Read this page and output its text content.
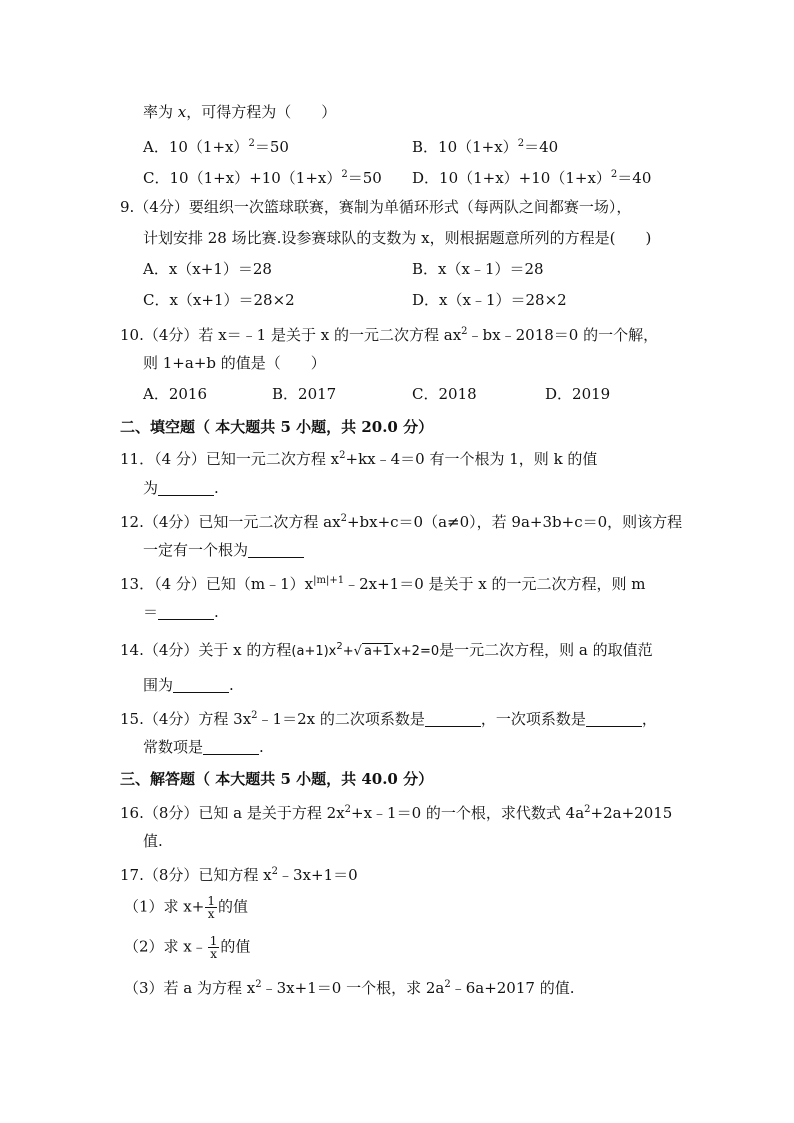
率为 x，可得方程为（　　）
A．$10(1+x)^2=50$	B．$10(1+x)^2=40$
C．$10(1+x)+10(1+x)^2=50$ D．$10(1+x)+10(1+x)^2=40$
9.（4分）要组织一次篮球联赛，赛制为单循环形式（每两队之间都赛一场），
计划安排 28 场比赛.设参赛球队的支数为 x，则根据题意所列的方程是(　　)
A．x（x+1）＝28	B．x（x﹣1）＝28
C．x（x+1）＝28×2	D．x（x﹣1）＝28×2
10.（4分）若 x＝﹣1 是关于 x 的一元二次方程 $ax^2﹣bx﹣2018=0$ 的一个解，
则 1+a+b 的值是（　　）
A．2016	B．2017	C．2018	D．2019
二、填空题（ 本大题共 5 小题，共 20.0 分）
11．（4 分）已知一元二次方程 $x^2+kx﹣4=0$ 有一个根为 1，则 k 的值
为	.
12.（4分）已知一元二次方程 $ax^2+bx+c=0(a\ne 0)$，若 9a+3b+c＝0，则该方程
一定有一个根为
13．（4 分）已知$(m﹣1)x^{|m|+1}﹣2x+1=0$ 是关于 x 的一元二次方程，则 m
＝	.
14.（4分）关于 x 的方程$(a+1)x^2+√$ a+1 x+2=0是一元二次方程，则 a 的取值范
围为	.
15.（4分）方程 $3x^2﹣1=2x$ 的二次项系数是	，一次项系数是	，
常数项是	.
三、解答题（ 本大题共 5 小题，共 40.0 分）
16.（8分）已知 a 是关于方程 $2x^2+x﹣1=0$ 的一个根，求代数式 $4a^2+2a+2015$
值.
17.（8分）已知方程 $x^2﹣3x+1=0$
（1）求 $x+ \frac{1}{x}$ 的值
（2）求 x﹣ $\frac{1}{x}$ 的值
（3）若 a 为方程 $x^2﹣3x+1=0$ 一个根，求 $2a^2﹣6a+2017$ 的值.
